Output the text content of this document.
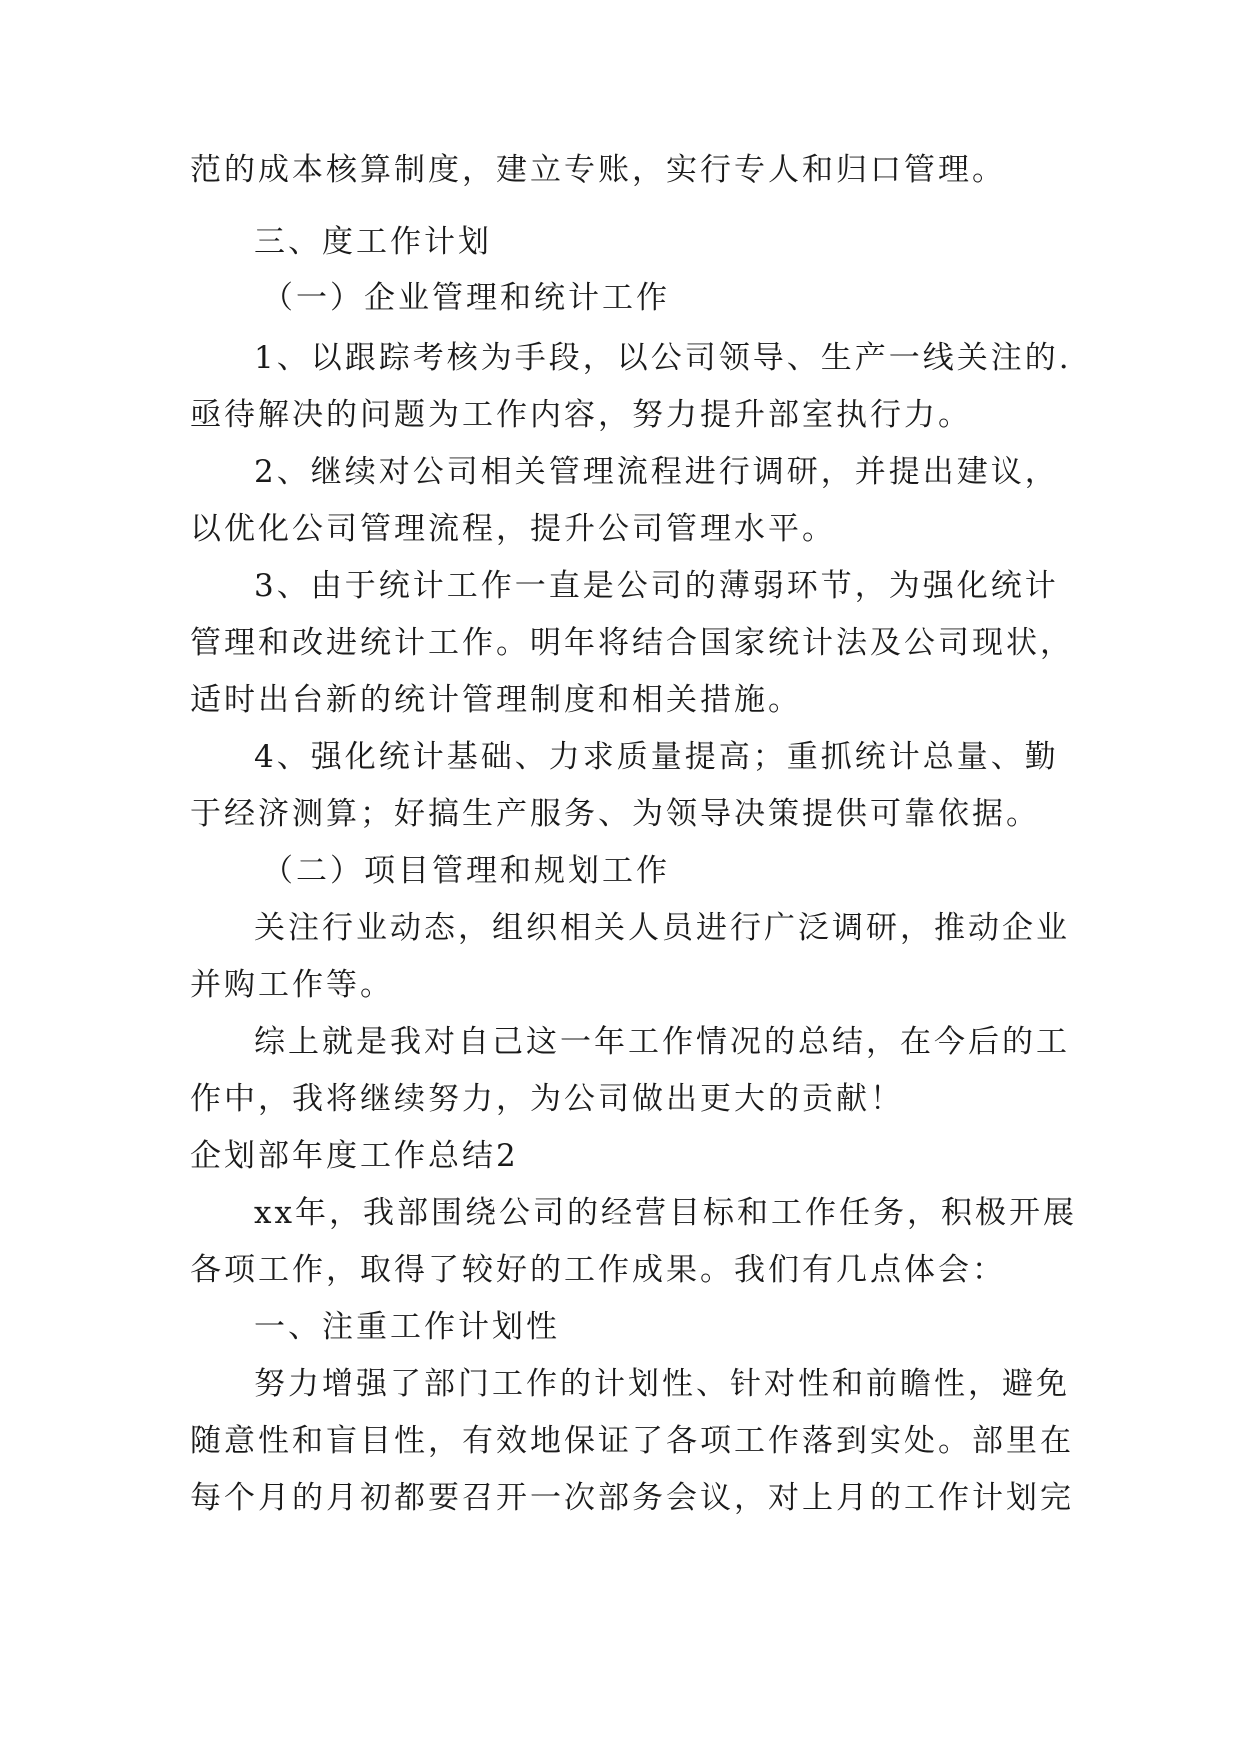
范的成本核算制度，建立专账，实行专人和归口管理。
三、度工作计划
（一）企业管理和统计工作
1、以跟踪考核为手段，以公司领导、生产一线关注的.
亟待解决的问题为工作内容，努力提升部室执行力。
2、继续对公司相关管理流程进行调研，并提出建议，
以优化公司管理流程，提升公司管理水平。
3、由于统计工作一直是公司的薄弱环节，为强化统计
管理和改进统计工作。明年将结合国家统计法及公司现状，
适时出台新的统计管理制度和相关措施。
4、强化统计基础、力求质量提高；重抓统计总量、勤
于经济测算；好搞生产服务、为领导决策提供可靠依据。
（二）项目管理和规划工作
关注行业动态，组织相关人员进行广泛调研，推动企业
并购工作等。
综上就是我对自己这一年工作情况的总结，在今后的工
作中，我将继续努力，为公司做出更大的贡献！
企划部年度工作总结2
xx年，我部围绕公司的经营目标和工作任务，积极开展
各项工作，取得了较好的工作成果。我们有几点体会：
一、注重工作计划性
努力增强了部门工作的计划性、针对性和前瞻性，避免
随意性和盲目性，有效地保证了各项工作落到实处。部里在
每个月的月初都要召开一次部务会议，对上月的工作计划完
